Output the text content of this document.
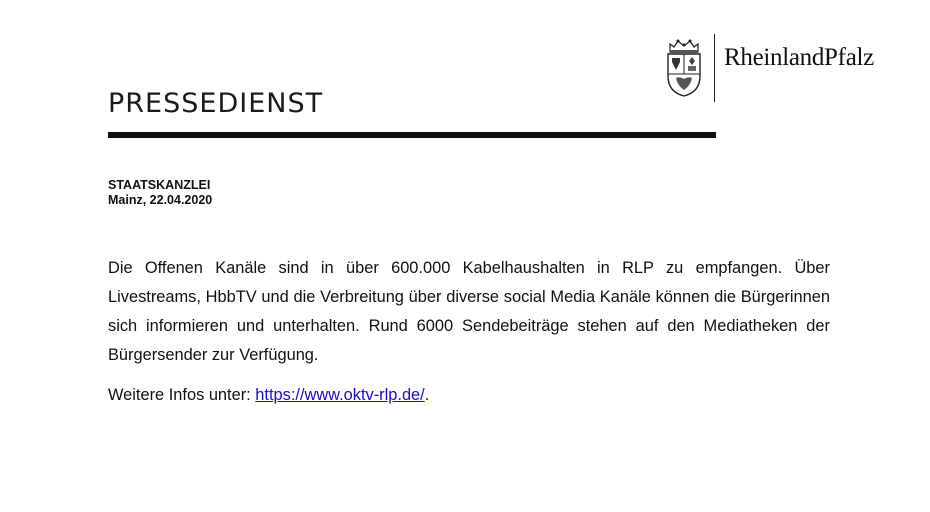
PRESSEDIENST
RheinlandPfalz
STAATSKANZLEI
Mainz, 22.04.2020

Die Offenen Kanäle sind in über 600.000 Kabelhaushalten in RLP zu empfangen. Über Livestreams, HbbTV und die Verbreitung über diverse social Media Kanäle können die Bürgerinnen sich informieren und unterhalten. Rund 6000 Sendebeiträge stehen auf den Mediatheken der Bürgersender zur Verfügung.

Weitere Infos unter: https://www.oktv-rlp.de/.
